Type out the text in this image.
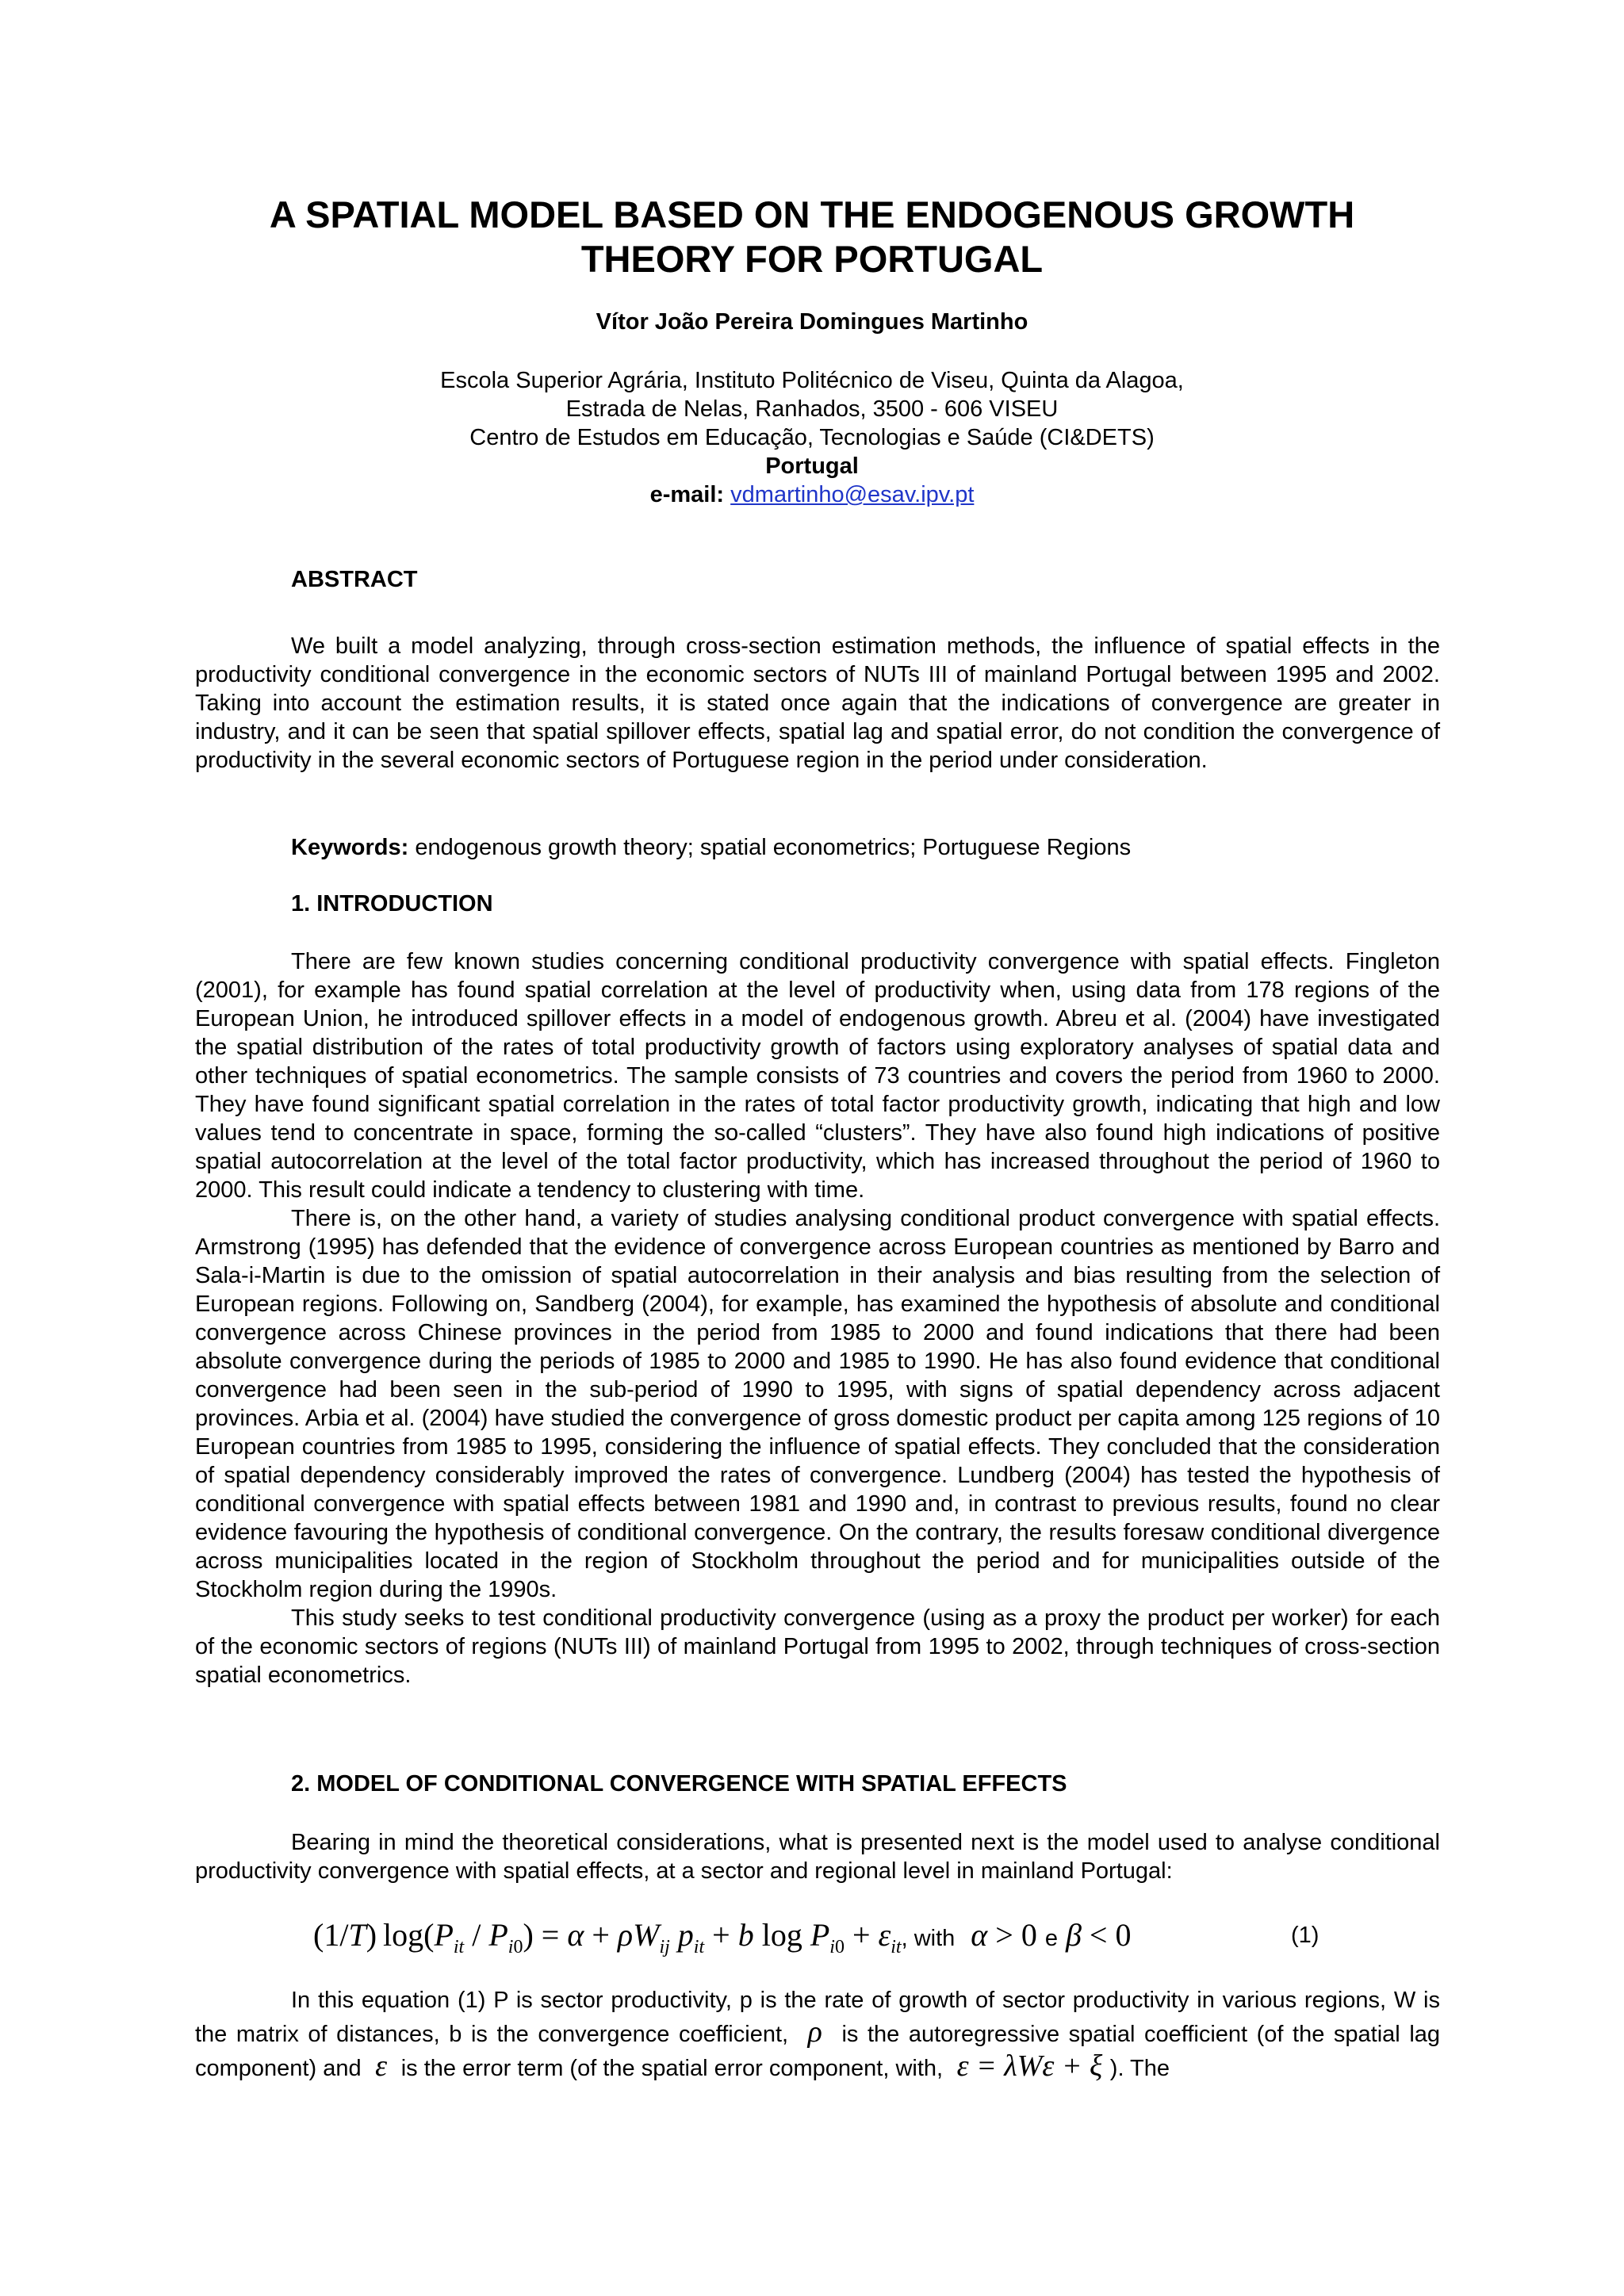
A SPATIAL MODEL BASED ON THE ENDOGENOUS GROWTH
THEORY FOR PORTUGAL
Vítor João Pereira Domingues Martinho
Escola Superior Agrária, Instituto Politécnico de Viseu, Quinta da Alagoa,
Estrada de Nelas, Ranhados, 3500 - 606 VISEU
Centro de Estudos em Educação, Tecnologias e Saúde (CI&DETS)
Portugal
e-mail: vdmartinho@esav.ipv.pt
ABSTRACT

We built a model analyzing, through cross-section estimation methods, the influence of spatial effects in the productivity conditional convergence in the economic sectors of NUTs III of mainland Portugal between 1995 and 2002. Taking into account the estimation results, it is stated once again that the indications of convergence are greater in industry, and it can be seen that spatial spillover effects, spatial lag and spatial error, do not condition the convergence of productivity in the several economic sectors of Portuguese region in the period under consideration.

Keywords: endogenous growth theory; spatial econometrics; Portuguese Regions
1. INTRODUCTION

There are few known studies concerning conditional productivity convergence with spatial effects. Fingleton (2001), for example has found spatial correlation at the level of productivity when, using data from 178 regions of the European Union, he introduced spillover effects in a model of endogenous growth. Abreu et al. (2004) have investigated the spatial distribution of the rates of total productivity growth of factors using exploratory analyses of spatial data and other techniques of spatial econometrics. The sample consists of 73 countries and covers the period from 1960 to 2000. They have found significant spatial correlation in the rates of total factor productivity growth, indicating that high and low values tend to concentrate in space, forming the so-called “clusters”. They have also found high indications of positive spatial autocorrelation at the level of the total factor productivity, which has increased throughout the period of 1960 to 2000. This result could indicate a tendency to clustering with time.

There is, on the other hand, a variety of studies analysing conditional product convergence with spatial effects. Armstrong (1995) has defended that the evidence of convergence across European countries as mentioned by Barro and Sala-i-Martin is due to the omission of spatial autocorrelation in their analysis and bias resulting from the selection of European regions. Following on, Sandberg (2004), for example, has examined the hypothesis of absolute and conditional convergence across Chinese provinces in the period from 1985 to 2000 and found indications that there had been absolute convergence during the periods of 1985 to 2000 and 1985 to 1990. He has also found evidence that conditional convergence had been seen in the sub-period of 1990 to 1995, with signs of spatial dependency across adjacent provinces. Arbia et al. (2004) have studied the convergence of gross domestic product per capita among 125 regions of 10 European countries from 1985 to 1995, considering the influence of spatial effects. They concluded that the consideration of spatial dependency considerably improved the rates of convergence. Lundberg (2004) has tested the hypothesis of conditional convergence with spatial effects between 1981 and 1990 and, in contrast to previous results, found no clear evidence favouring the hypothesis of conditional convergence. On the contrary, the results foresaw conditional divergence across municipalities located in the region of Stockholm throughout the period and for municipalities outside of the Stockholm region during the 1990s.

This study seeks to test conditional productivity convergence (using as a proxy the product per worker) for each of the economic sectors of regions (NUTs III) of mainland Portugal from 1995 to 2002, through techniques of cross-section spatial econometrics.

2. MODEL OF CONDITIONAL CONVERGENCE WITH SPATIAL EFFECTS

Bearing in mind the theoretical considerations, what is presented next is the model used to analyse conditional productivity convergence with spatial effects, at a sector and regional level in mainland Portugal:

(1/T) $\log(P_{it} / P_{i0}) = \alpha + \rho W_{ij}$ $p_{it} + b$ $\log P_{i0} + \varepsilon_{it}$, with α > 0 e β < 0	(1)

In this equation (1) P is sector productivity, p is the rate of growth of sector productivity in various regions, W is the matrix of distances, b is the convergence coefficient,  ρ  is the autoregressive spatial coefficient (of the spatial lag component) and  ε  is the error term (of the spatial error component, with,  ε = λWε + ξ ). The
